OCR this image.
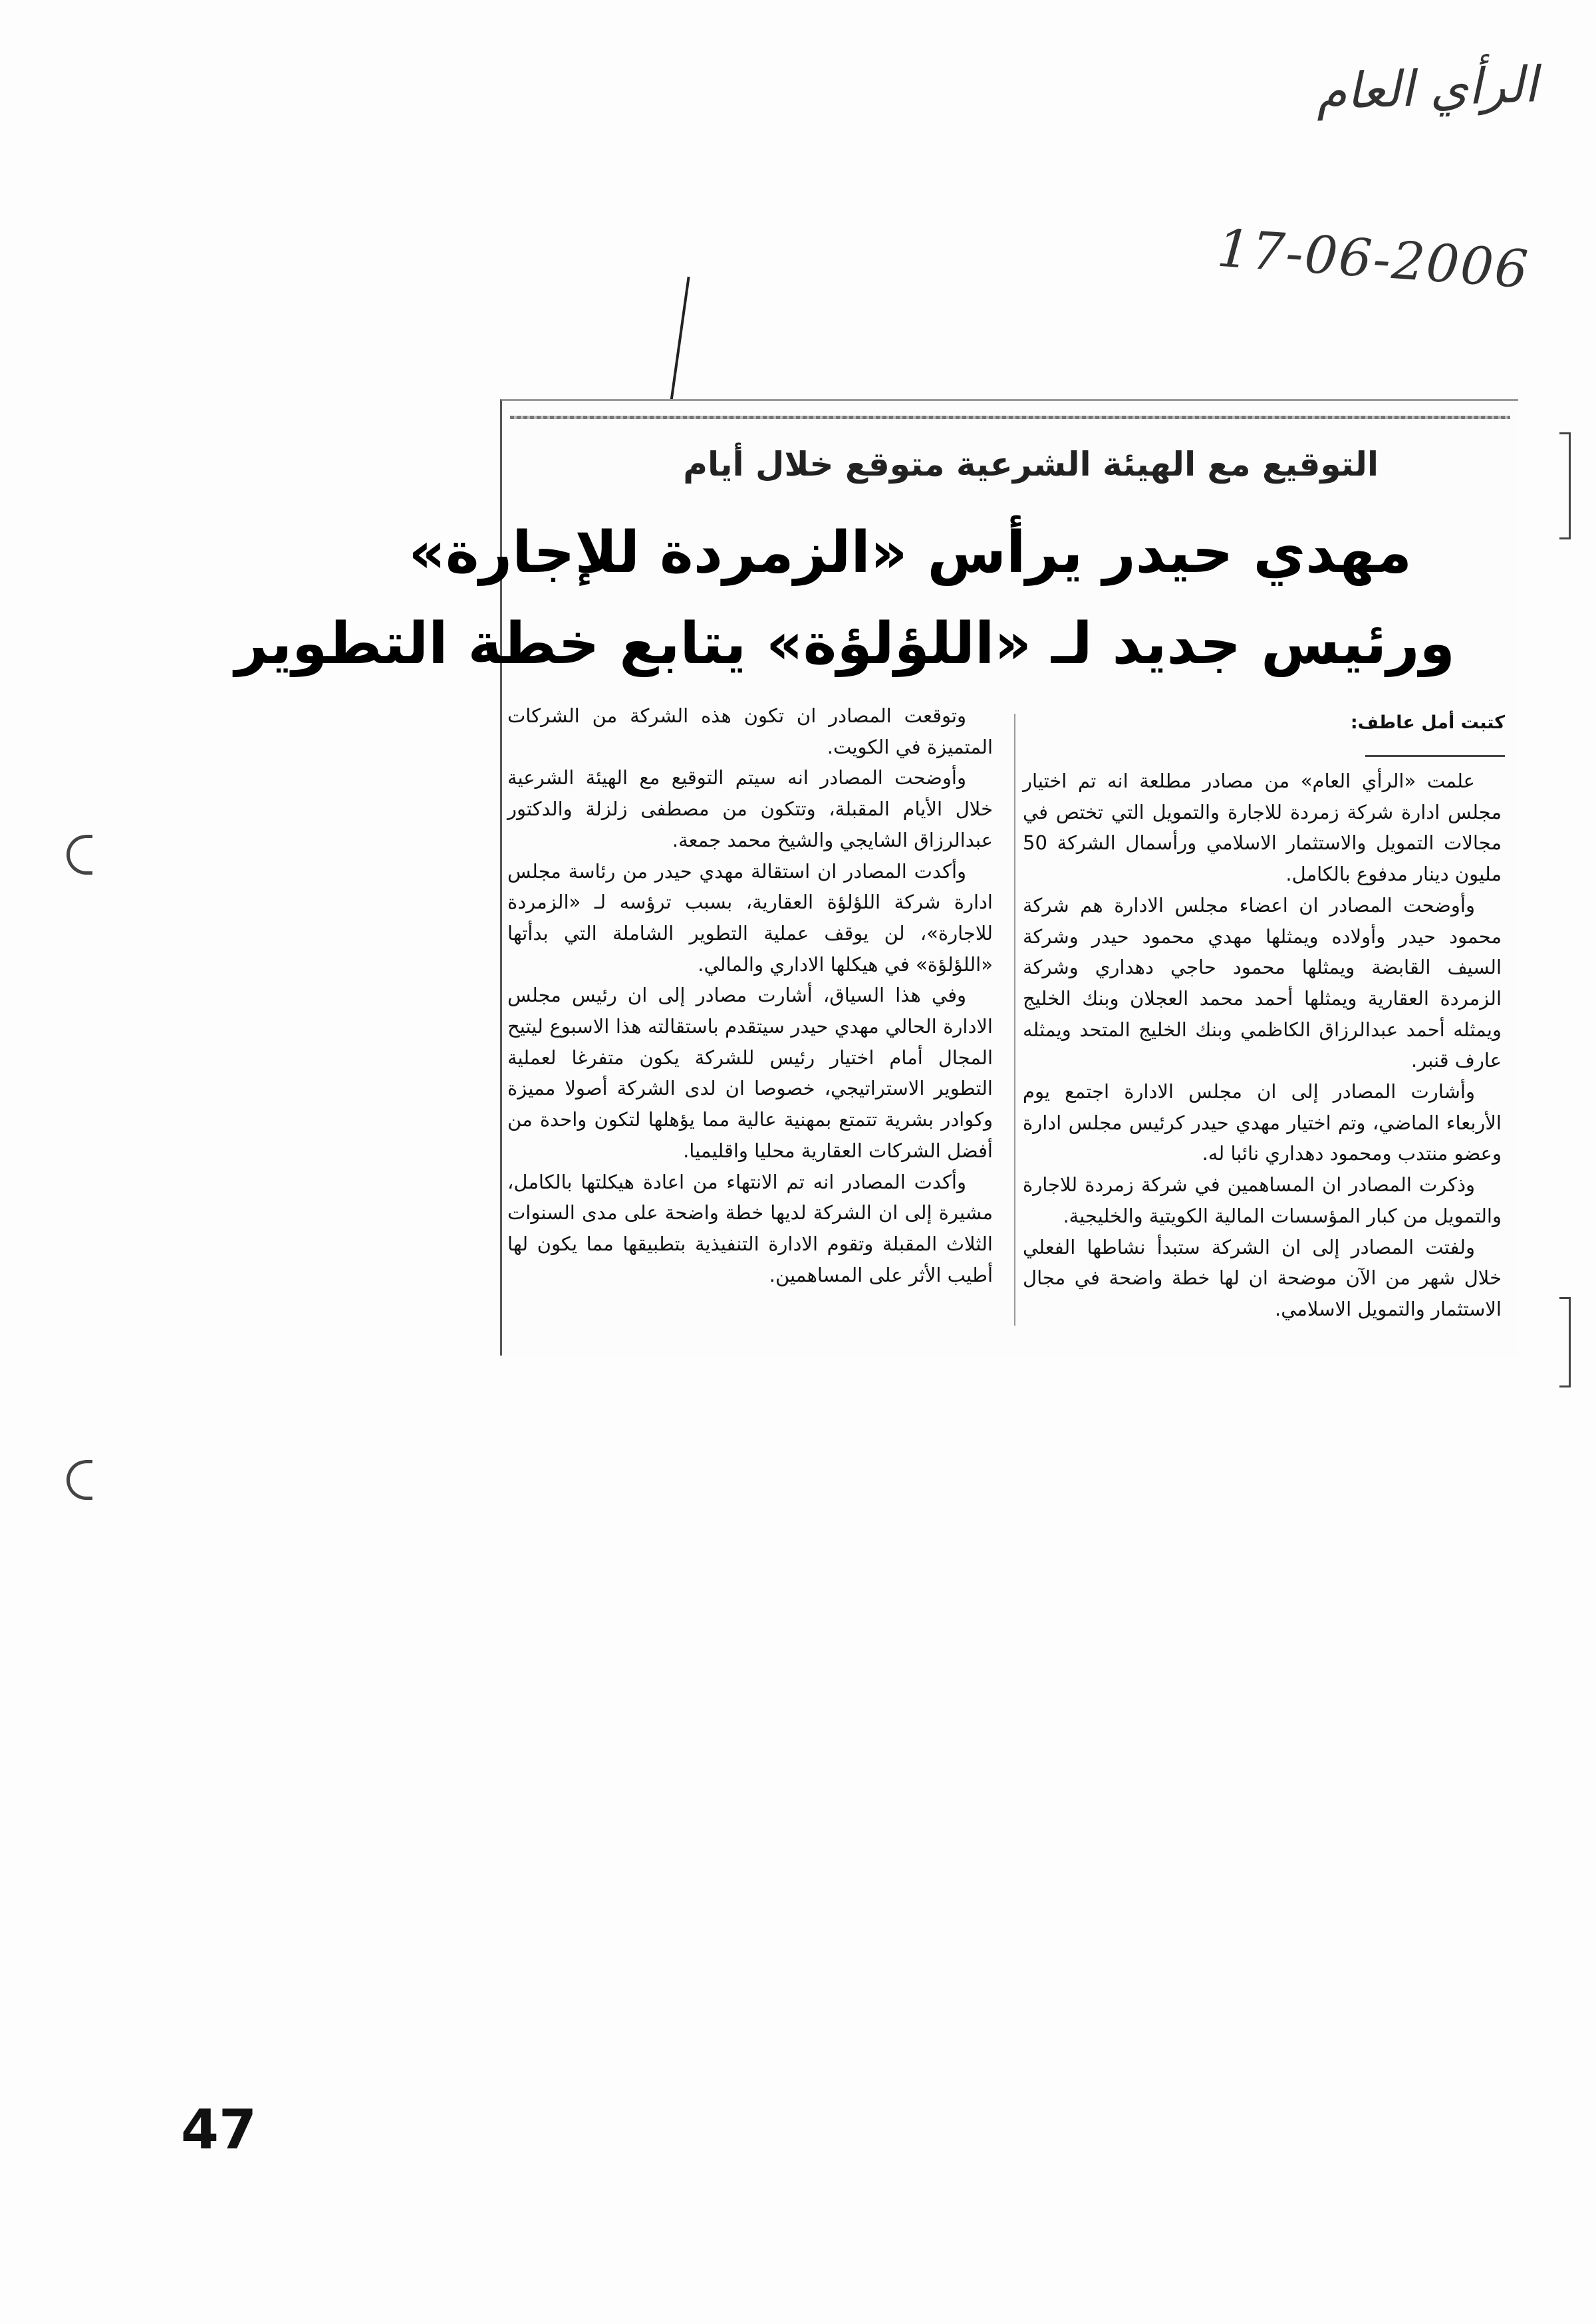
الرأي العام
17-06-2006
التوقيع مع الهيئة الشرعية متوقع خلال أيام
مهدي حيدر يرأس «الزمردة للإجارة»
ورئيس جديد لـ «اللؤلؤة» يتابع خطة التطوير
كتبت أمل عاطف:

علمت «الرأي العام» من مصادر مطلعة انه تم اختيار مجلس ادارة شركة زمردة للاجارة والتمويل التي تختص في مجالات التمويل والاستثمار الاسلامي ورأسمال الشركة 50 مليون دينار مدفوع بالكامل.

وأوضحت المصادر ان اعضاء مجلس الادارة هم شركة محمود حيدر وأولاده ويمثلها مهدي محمود حيدر وشركة السيف القابضة ويمثلها محمود حاجي دهداري وشركة الزمردة العقارية ويمثلها أحمد محمد العجلان وبنك الخليج ويمثله أحمد عبدالرزاق الكاظمي وبنك الخليج المتحد ويمثله عارف قنبر.

وأشارت المصادر إلى ان مجلس الادارة اجتمع يوم الأربعاء الماضي، وتم اختيار مهدي حيدر كرئيس مجلس ادارة وعضو منتدب ومحمود دهداري نائبا له.

وذكرت المصادر ان المساهمين في شركة زمردة للاجارة والتمويل من كبار المؤسسات المالية الكويتية والخليجية.

ولفتت المصادر إلى ان الشركة ستبدأ نشاطها الفعلي خلال شهر من الآن موضحة ان لها خطة واضحة في مجال الاستثمار والتمويل الاسلامي.

وتوقعت المصادر ان تكون هذه الشركة من الشركات المتميزة في الكويت.

وأوضحت المصادر انه سيتم التوقيع مع الهيئة الشرعية خلال الأيام المقبلة، وتتكون من مصطفى زلزلة والدكتور عبدالرزاق الشايجي والشيخ محمد جمعة.

وأكدت المصادر ان استقالة مهدي حيدر من رئاسة مجلس ادارة شركة اللؤلؤة العقارية، بسبب ترؤسه لـ «الزمردة للاجارة»، لن يوقف عملية التطوير الشاملة التي بدأتها «اللؤلؤة» في هيكلها الاداري والمالي.

وفي هذا السياق، أشارت مصادر إلى ان رئيس مجلس الادارة الحالي مهدي حيدر سيتقدم باستقالته هذا الاسبوع ليتيح المجال أمام اختيار رئيس للشركة يكون متفرغا لعملية التطوير الاستراتيجي، خصوصا ان لدى الشركة أصولا مميزة وكوادر بشرية تتمتع بمهنية عالية مما يؤهلها لتكون واحدة من أفضل الشركات العقارية محليا واقليميا.

وأكدت المصادر انه تم الانتهاء من اعادة هيكلتها بالكامل، مشيرة إلى ان الشركة لديها خطة واضحة على مدى السنوات الثلاث المقبلة وتقوم الادارة التنفيذية بتطبيقها مما يكون لها أطيب الأثر على المساهمين.

47
